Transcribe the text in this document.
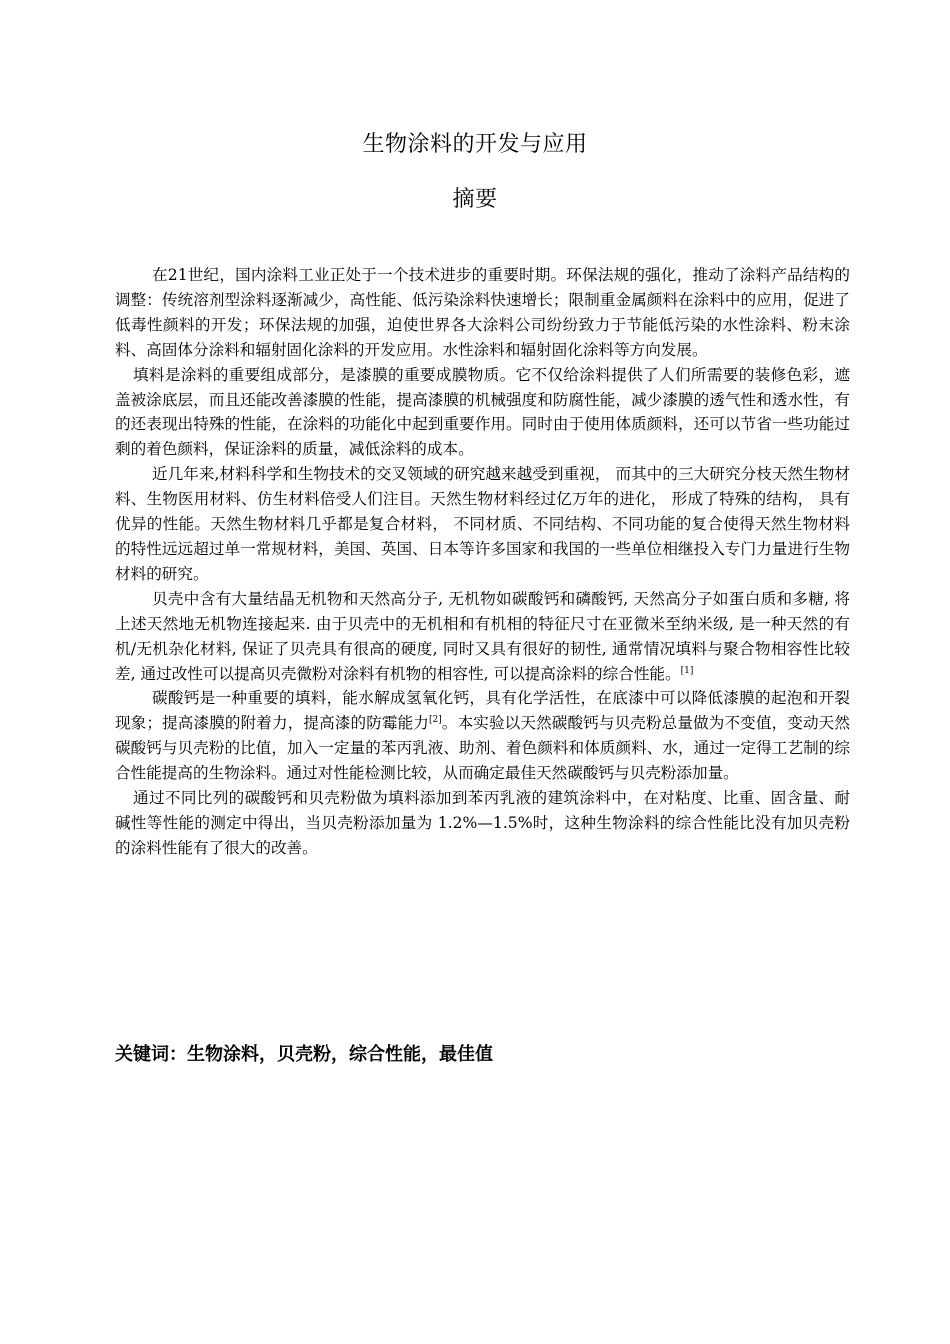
生物涂料的开发与应用
摘要

在21世纪，国内涂料工业正处于一个技术进步的重要时期。环保法规的强化，推动了涂料产品结构的调整：传统溶剂型涂料逐渐减少，高性能、低污染涂料快速增长；限制重金属颜料在涂料中的应用，促进了低毒性颜料的开发；环保法规的加强，迫使世界各大涂料公司纷纷致力于节能低污染的水性涂料、粉末涂料、高固体分涂料和辐射固化涂料的开发应用。水性涂料和辐射固化涂料等方向发展。

填料是涂料的重要组成部分，是漆膜的重要成膜物质。它不仅给涂料提供了人们所需要的装修色彩，遮盖被涂底层，而且还能改善漆膜的性能，提高漆膜的机械强度和防腐性能，减少漆膜的透气性和透水性，有的还表现出特殊的性能，在涂料的功能化中起到重要作用。同时由于使用体质颜料，还可以节省一些功能过剩的着色颜料，保证涂料的质量，减低涂料的成本。

近几年来,材料科学和生物技术的交叉领域的研究越来越受到重视， 而其中的三大研究分枝天然生物材料、生物医用材料、仿生材料倍受人们注目。天然生物材料经过亿万年的进化， 形成了特殊的结构， 具有优异的性能。天然生物材料几乎都是复合材料， 不同材质、不同结构、不同功能的复合使得天然生物材料的特性远远超过单一常规材料，美国、英国、日本等许多国家和我国的一些单位相继投入专门力量进行生物材料的研究。

贝壳中含有大量结晶无机物和天然高分子, 无机物如碳酸钙和磷酸钙, 天然高分子如蛋白质和多糖, 将上述天然地无机物连接起来. 由于贝壳中的无机相和有机相的特征尺寸在亚微米至纳米级, 是一种天然的有机/无机杂化材料, 保证了贝壳具有很高的硬度, 同时又具有很好的韧性, 通常情况填料与聚合物相容性比较差, 通过改性可以提高贝壳微粉对涂料有机物的相容性, 可以提高涂料的综合性能。[1]

碳酸钙是一种重要的填料，能水解成氢氧化钙，具有化学活性，在底漆中可以降低漆膜的起泡和开裂现象；提高漆膜的附着力，提高漆的防霉能力[2]。本实验以天然碳酸钙与贝壳粉总量做为不变值，变动天然碳酸钙与贝壳粉的比值，加入一定量的苯丙乳液、助剂、着色颜料和体质颜料、水，通过一定得工艺制的综合性能提高的生物涂料。通过对性能检测比较，从而确定最佳天然碳酸钙与贝壳粉添加量。

通过不同比列的碳酸钙和贝壳粉做为填料添加到苯丙乳液的建筑涂料中，在对粘度、比重、固含量、耐碱性等性能的测定中得出，当贝壳粉添加量为 1.2%—1.5%时，这种生物涂料的综合性能比没有加贝壳粉的涂料性能有了很大的改善。

关键词：生物涂料，贝壳粉，综合性能，最佳值
